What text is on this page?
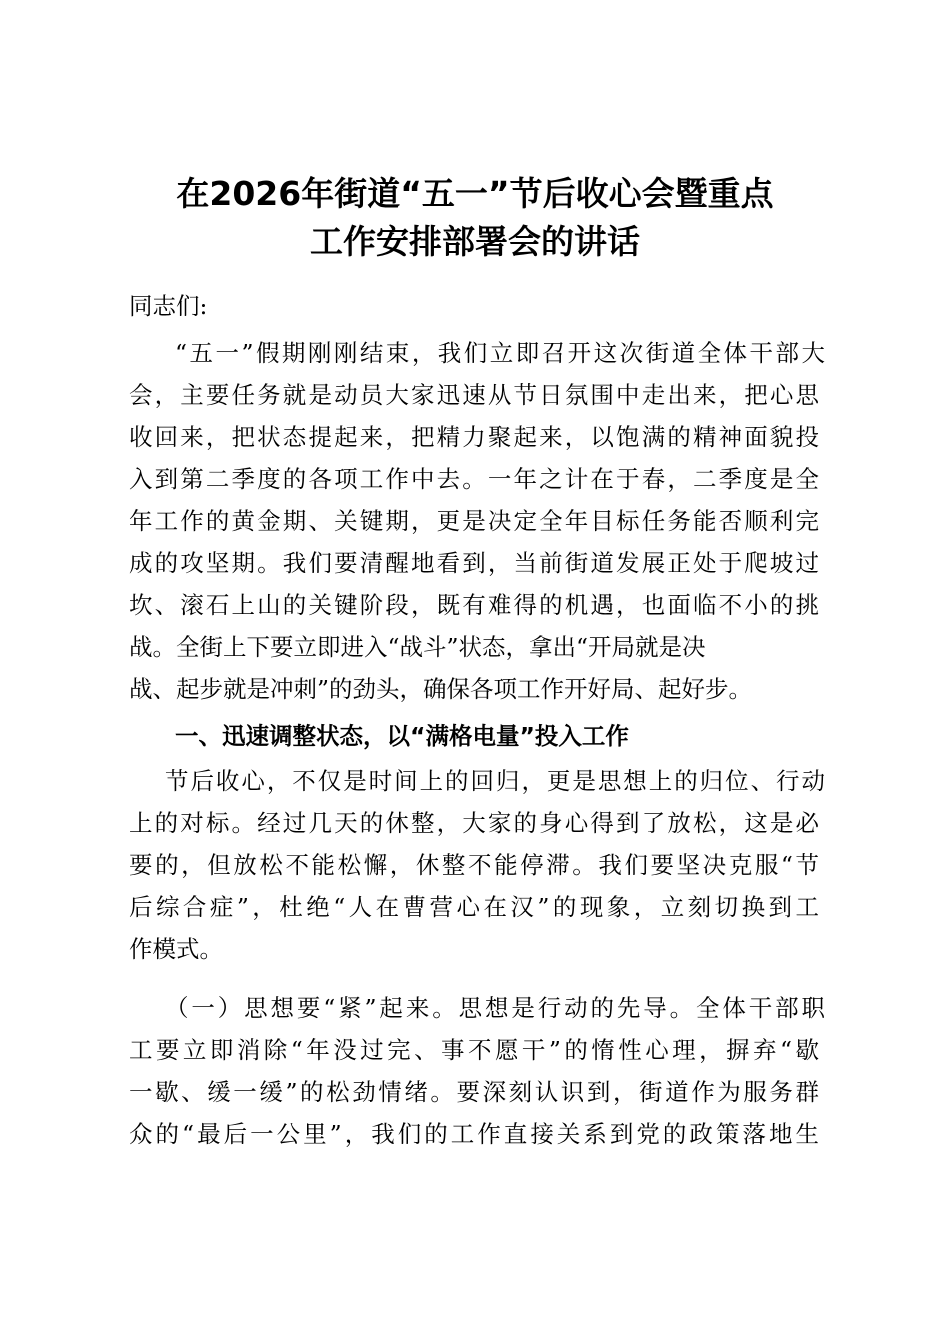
在2026年街道“五一”节后收心会暨重点
工作安排部署会的讲话
同志们:
“五一”假期刚刚结束，我们立即召开这次街道全体干部大
会，主要任务就是动员大家迅速从节日氛围中走出来，把心思
收回来，把状态提起来，把精力聚起来，以饱满的精神面貌投
入到第二季度的各项工作中去。一年之计在于春，二季度是全
年工作的黄金期、关键期，更是决定全年目标任务能否顺利完
成的攻坚期。我们要清醒地看到，当前街道发展正处于爬坡过
坎、滚石上山的关键阶段，既有难得的机遇，也面临不小的挑
战。全街上下要立即进入“战斗”状态，拿出“开局就是决
战、起步就是冲刺”的劲头，确保各项工作开好局、起好步。
一、迅速调整状态，以“满格电量”投入工作
节后收心，不仅是时间上的回归，更是思想上的归位、行动
上的对标。经过几天的休整，大家的身心得到了放松，这是必
要的，但放松不能松懈，休整不能停滞。我们要坚决克服“节
后综合症”，杜绝“人在曹营心在汉”的现象，立刻切换到工
作模式。
（一）思想要“紧”起来。思想是行动的先导。全体干部职
工要立即消除“年没过完、事不愿干”的惰性心理，摒弃“歇
一歇、缓一缓”的松劲情绪。要深刻认识到，街道作为服务群
众的“最后一公里”，我们的工作直接关系到党的政策落地生
